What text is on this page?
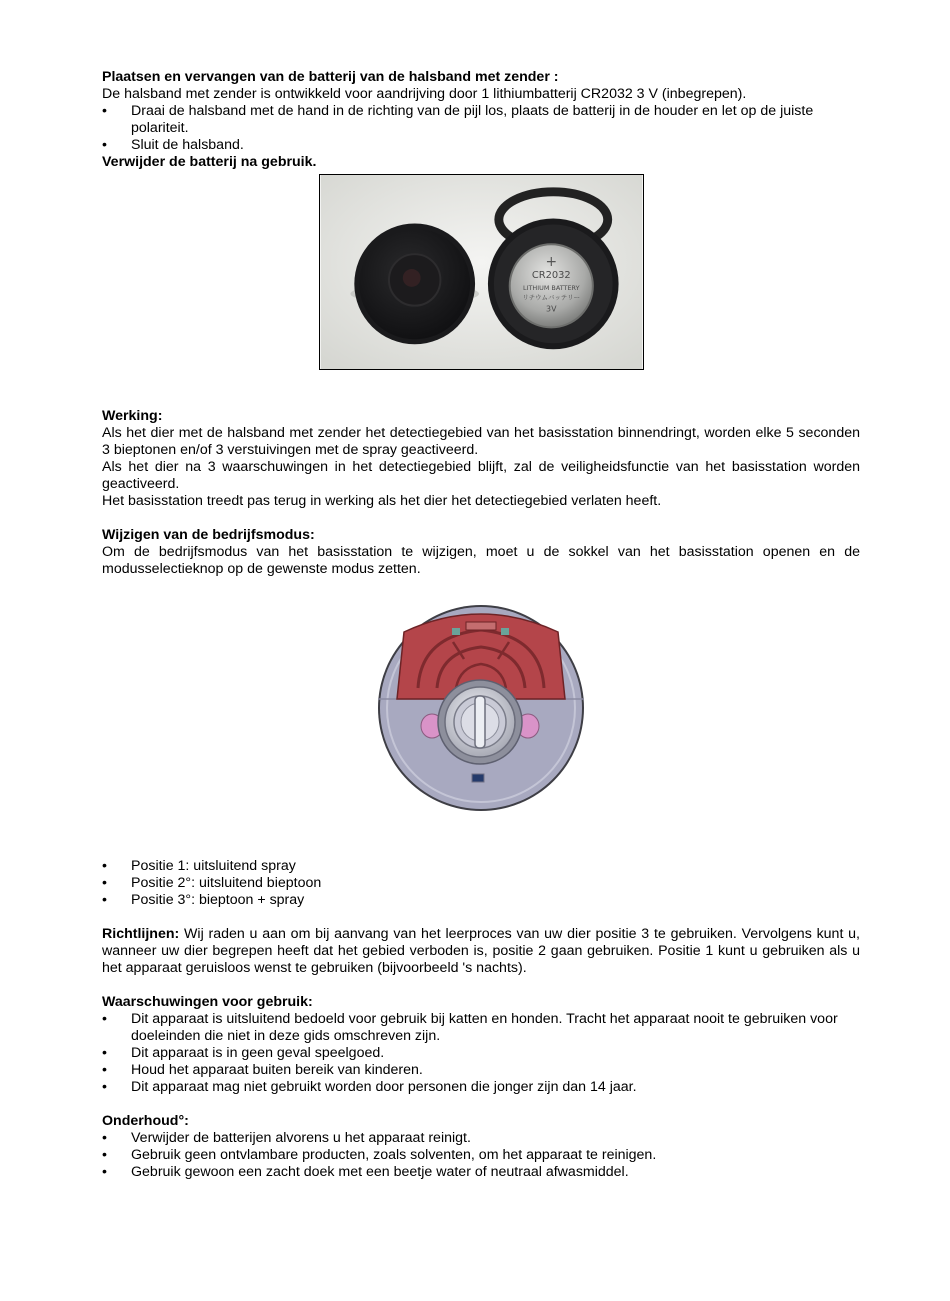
Plaatsen en vervangen van de batterij van de halsband met zender :

De halsband met zender is ontwikkeld voor aandrijving door 1 lithiumbatterij CR2032 3 V (inbegrepen).

• Draai de halsband met de hand in de richting van de pijl los, plaats de batterij in de houder en let op de juiste polariteit.
• Sluit de halsband.
Verwijder de batterij na gebruik.
+
CR2032
LITHIUM BATTERY
リチウムバッテリー
3V
Werking:

Als het dier met de halsband met zender het detectiegebied van het basisstation binnendringt, worden elke 5 seconden 3 bieptonen en/of 3 verstuivingen met de spray geactiveerd.

Als het dier na 3 waarschuwingen in het detectiegebied blijft, zal de veiligheidsfunctie van het basisstation worden geactiveerd.

Het basisstation treedt pas terug in werking als het dier het detectiegebied verlaten heeft.

Wijzigen van de bedrijfsmodus:

Om de bedrijfsmodus van het basisstation te wijzigen, moet u de sokkel van het basisstation openen en de modusselectieknop op de gewenste modus zetten.

• Positie 1: uitsluitend spray
• Positie 2°: uitsluitend bieptoon
• Positie 3°: bieptoon + spray

Richtlijnen: Wij raden u aan om bij aanvang van het leerproces van uw dier positie 3 te gebruiken. Vervolgens kunt u, wanneer uw dier begrepen heeft dat het gebied verboden is, positie 2 gaan gebruiken. Positie 1 kunt u gebruiken als u het apparaat geruisloos wenst te gebruiken (bijvoorbeeld 's nachts).

Waarschuwingen voor gebruik:
• Dit apparaat is uitsluitend bedoeld voor gebruik bij katten en honden. Tracht het apparaat nooit te gebruiken voor doeleinden die niet in deze gids omschreven zijn.
• Dit apparaat is in geen geval speelgoed.
• Houd het apparaat buiten bereik van kinderen.
• Dit apparaat mag niet gebruikt worden door personen die jonger zijn dan 14 jaar.
Onderhoud°:
• Verwijder de batterijen alvorens u het apparaat reinigt.
• Gebruik geen ontvlambare producten, zoals solventen, om het apparaat te reinigen.
• Gebruik gewoon een zacht doek met een beetje water of neutraal afwasmiddel.
